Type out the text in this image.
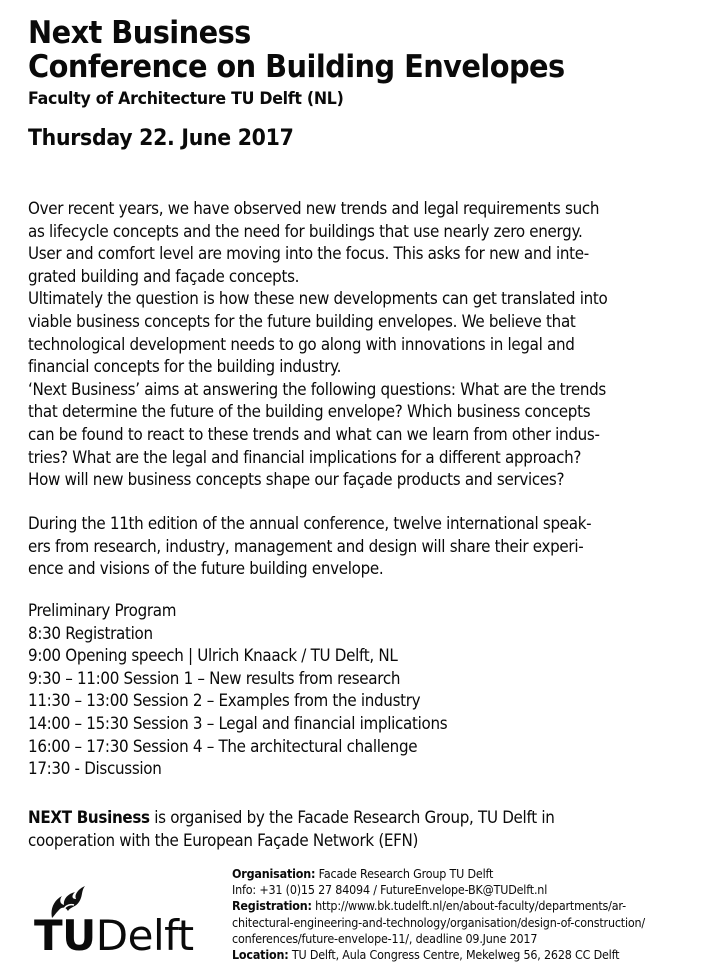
Next Business
Conference on Building Envelopes
Faculty of Architecture TU Delft (NL)
Thursday 22. June 2017
Over recent years, we have observed new trends and legal requirements such
as lifecycle concepts and the need for buildings that use nearly zero energy.
User and comfort level are moving into the focus. This asks for new and inte-
grated building and façade concepts.
Ultimately the question is how these new developments can get translated into
viable business concepts for the future building envelopes. We believe that
technological development needs to go along with innovations in legal and
financial concepts for the building industry.
‘Next Business’ aims at answering the following questions: What are the trends
that determine the future of the building envelope? Which business concepts
can be found to react to these trends and what can we learn from other indus-
tries? What are the legal and financial implications for a different approach?
How will new business concepts shape our façade products and services?
During the 11th edition of the annual conference, twelve international speak-
ers from research, industry, management and design will share their experi-
ence and visions of the future building envelope.
Preliminary Program
8:30 Registration
9:00 Opening speech | Ulrich Knaack / TU Delft, NL
9:30 – 11:00 Session 1 – New results from research
11:30 – 13:00 Session 2 – Examples from the industry
14:00 – 15:30 Session 3 – Legal and financial implications
16:00 – 17:30 Session 4 – The architectural challenge
17:30 - Discussion
NEXT Business is organised by the Facade Research Group, TU Delft in
cooperation with the European Façade Network (EFN)
TUDelft
Organisation: Facade Research Group TU Delft
Info: +31 (0)15 27 84094 / FutureEnvelope-BK@TUDelft.nl
Registration: http://www.bk.tudelft.nl/en/about-faculty/departments/ar-
chitectural-engineering-and-technology/organisation/design-of-construction/
conferences/future-envelope-11/, deadline 09.June 2017
Location: TU Delft, Aula Congress Centre, Mekelweg 56, 2628 CC Delft
